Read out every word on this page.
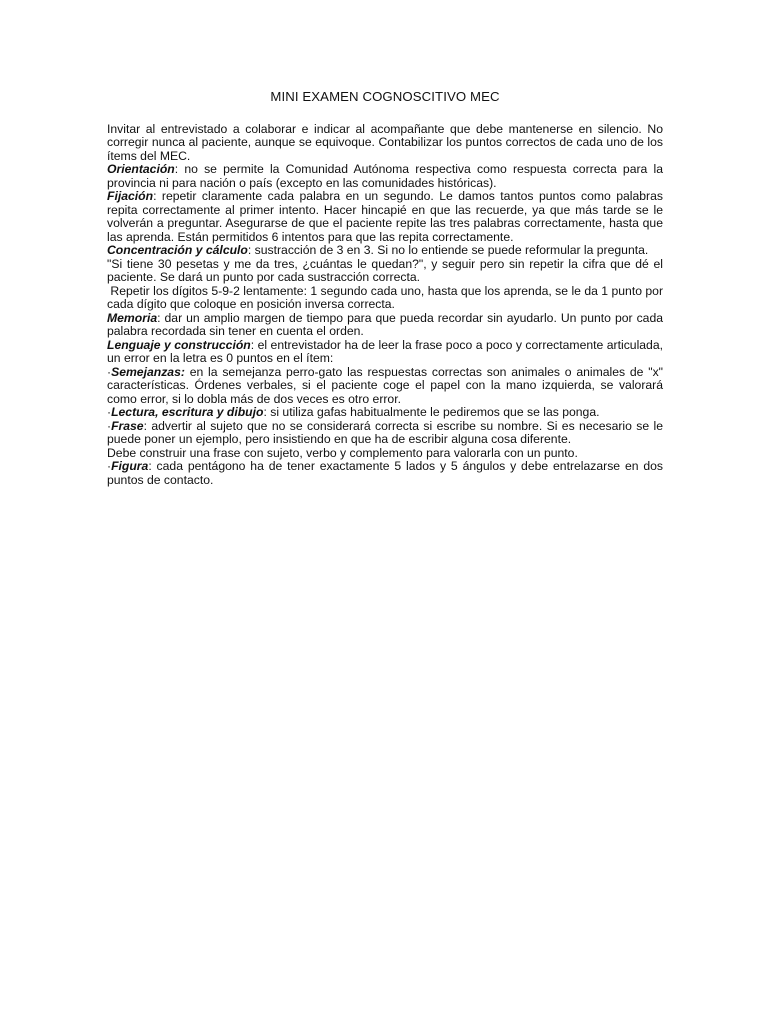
MINI EXAMEN COGNOSCITIVO MEC

Invitar al entrevistado a colaborar e indicar al acompañante que debe mantenerse en silencio. No corregir nunca al paciente, aunque se equivoque. Contabilizar los puntos correctos de cada uno de los ítems del MEC.

Orientación: no se permite la Comunidad Autónoma respectiva como respuesta correcta para la provincia ni para nación o país (excepto en las comunidades históricas).

Fijación: repetir claramente cada palabra en un segundo. Le damos tantos puntos como palabras repita correctamente al primer intento. Hacer hincapié en que las recuerde, ya que más tarde se le volverán a preguntar. Asegurarse de que el paciente repite las tres palabras correctamente, hasta que las aprenda. Están permitidos 6 intentos para que las repita correctamente.

Concentración y cálculo: sustracción de 3 en 3. Si no lo entiende se puede reformular la pregunta.

"Si tiene 30 pesetas y me da tres, ¿cuántas le quedan?", y seguir pero sin repetir la cifra que dé el paciente. Se dará un punto por cada sustracción correcta.

Repetir los dígitos 5-9-2 lentamente: 1 segundo cada uno, hasta que los aprenda, se le da 1 punto por cada dígito que coloque en posición inversa correcta.

Memoria: dar un amplio margen de tiempo para que pueda recordar sin ayudarlo. Un punto por cada palabra recordada sin tener en cuenta el orden.

Lenguaje y construcción: el entrevistador ha de leer la frase poco a poco y correctamente articulada, un error en la letra es 0 puntos en el ítem:

·Semejanzas: en la semejanza perro-gato las respuestas correctas son animales o animales de "x" características. Órdenes verbales, si el paciente coge el papel con la mano izquierda, se valorará como error, si lo dobla más de dos veces es otro error.

·Lectura, escritura y dibujo: si utiliza gafas habitualmente le pediremos que se las ponga.

·Frase: advertir al sujeto que no se considerará correcta si escribe su nombre. Si es necesario se le puede poner un ejemplo, pero insistiendo en que ha de escribir alguna cosa diferente.

Debe construir una frase con sujeto, verbo y complemento para valorarla con un punto.

·Figura: cada pentágono ha de tener exactamente 5 lados y 5 ángulos y debe entrelazarse en dos puntos de contacto.
